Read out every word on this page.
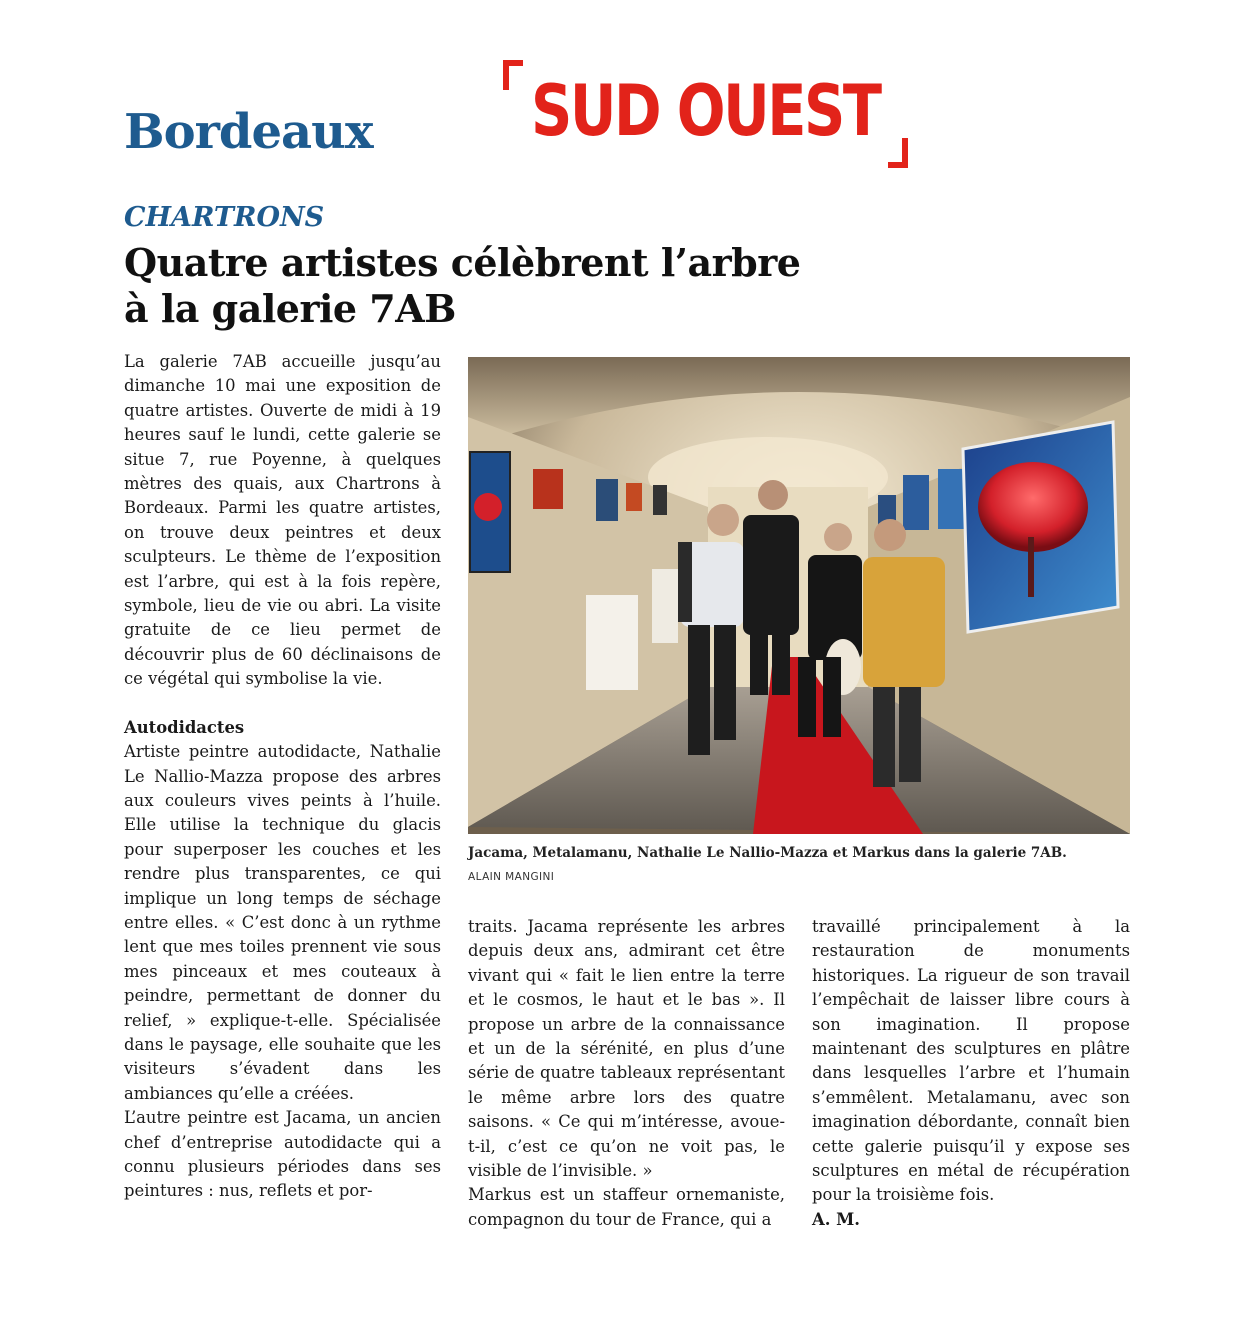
Bordeaux SUD OUEST
CHARTRONS
Quatre artistes célèbrent l’arbre
à la galerie 7AB

La galerie 7AB accueille jusqu’au dimanche 10 mai une exposition de quatre artistes. Ouverte de midi à 19 heures sauf le lundi, cette galerie se situe 7, rue Poyenne, à quelques mètres des quais, aux Chartrons à Bordeaux. Parmi les quatre artistes, on trouve deux peintres et deux sculpteurs. Le thème de l’exposition est l’arbre, qui est à la fois repère, symbole, lieu de vie ou abri. La visite gratuite de ce lieu permet de découvrir plus de 60 déclinaisons de ce végétal qui symbolise la vie.

Autodidactes

Artiste peintre autodidacte, Nathalie Le Nallio-Mazza propose des arbres aux couleurs vives peints à l’huile. Elle utilise la technique du glacis pour superposer les couches et les rendre plus transparentes, ce qui implique un long temps de séchage entre elles. « C’est donc à un rythme lent que mes toiles prennent vie sous mes pinceaux et mes couteaux à peindre, permettant de donner du relief, » explique-t-elle. Spécialisée dans le paysage, elle souhaite que les visiteurs s’évadent dans les ambiances qu’elle a créées.

L’autre peintre est Jacama, un ancien chef d’entreprise autodidacte qui a connu plusieurs périodes dans ses peintures : nus, reflets et por-

Jacama, Metalamanu, Nathalie Le Nallio-Mazza et Markus dans la galerie 7AB.
ALAIN MANGINI

traits. Jacama représente les arbres depuis deux ans, admirant cet être vivant qui « fait le lien entre la terre et le cosmos, le haut et le bas ». Il propose un arbre de la connaissance et un de la sérénité, en plus d’une série de quatre tableaux représentant le même arbre lors des quatre saisons. « Ce qui m’intéresse, avoue-t-il, c’est ce qu’on ne voit pas, le visible de l’invisible. »

Markus est un staffeur ornemaniste, compagnon du tour de France, qui a

travaillé principalement à la restauration de monuments historiques. La rigueur de son travail l’empêchait de laisser libre cours à son imagination. Il propose maintenant des sculptures en plâtre dans lesquelles l’arbre et l’humain s’emmêlent. Metalamanu, avec son imagination débordante, connaît bien cette galerie puisqu’il y expose ses sculptures en métal de récupération pour la troisième fois.

A. M.
